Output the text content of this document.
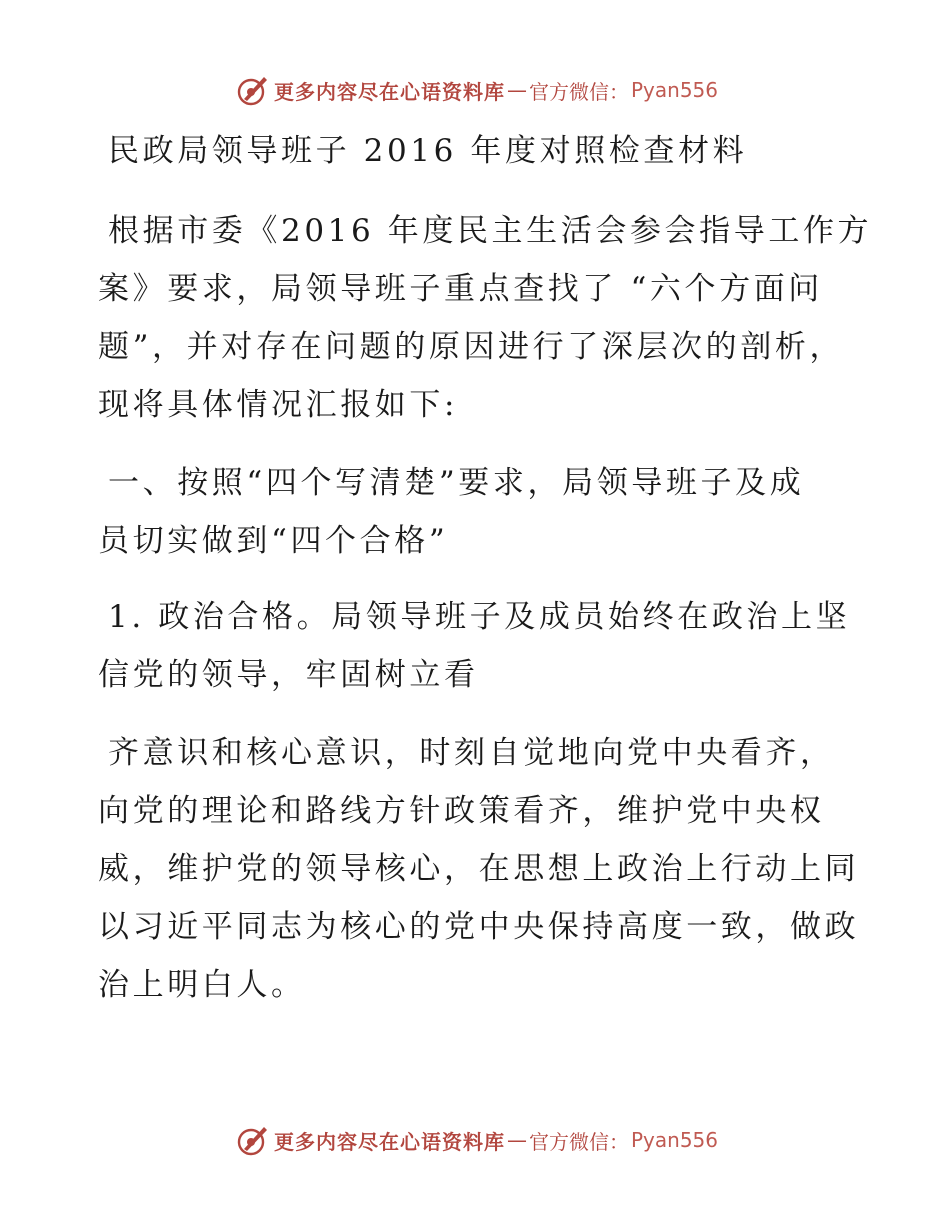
更多内容尽在心语资料库 — 官方微信： Pyan556

民政局领导班子 2016 年度对照检查材料

根据市委《2016 年度民主生活会参会指导工作方
案》要求，局领导班子重点查找了 “六个方面问
题”，并对存在问题的原因进行了深层次的剖析，
现将具体情况汇报如下:

一、按照“四个写清楚”要求，局领导班子及成
员切实做到“四个合格”

1. 政治合格。局领导班子及成员始终在政治上坚
信党的领导，牢固树立看

齐意识和核心意识，时刻自觉地向党中央看齐，
向党的理论和路线方针政策看齐，维护党中央权
威，维护党的领导核心，在思想上政治上行动上同
以习近平同志为核心的党中央保持高度一致，做政
治上明白人。

更多内容尽在心语资料库 — 官方微信： Pyan556
